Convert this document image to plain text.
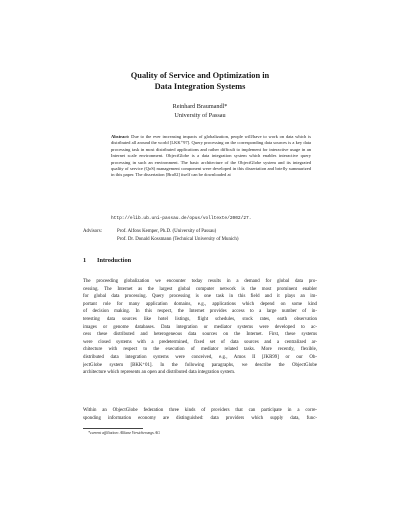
Quality of Service and Optimization in
Data Integration Systems
Reinhard Braumandl*
University of Passau
Abstract: Due to the ever increasing impacts of globalization, people will/have to work on data which is distributed all around the world [LKK⁺97]. Query processing on the corresponding data sources is a key data processing task in most distributed applications and rather difficult to implement for interactive usage in an Internet scale environment. ObjectGlobe is a data integration system which enables interactive query processing in such an environment. The basic architecture of the ObjectGlobe system and its integrated quality of service (QoS) management component were developed in this dissertation and briefly summarized in this paper. The dissertation [Bra02] itself can be downloaded at
http://elib.ub.uni-passau.de/opus/volltexte/2002/27.
Advisors:	Prof. Alfons Kemper, Ph.D. (University of Passau)
Prof. Dr. Donald Kossmann (Technical University of Munich)
1 Introduction
The proceeding globalization we encounter today results in a demand for global data pro-
cessing. The Internet as the largest global computer network is the most prominent enabler
for global data processing. Query processing is one task in this field and it plays an im-
portant role for many application domains, e.g., applications which depend on some kind
of decision making. In this respect, the Internet provides access to a large number of in-
teresting data sources like hotel listings, flight schedules, stock rates, earth observation
images or genome databases. Data integration or mediator systems were developed to ac-
cess these distributed and heterogeneous data sources on the Internet. First, these systems
were closed systems with a predetermined, fixed set of data sources and a centralized ar-
chitecture with respect to the execution of mediator related tasks. More recently, flexible,
distributed data integration systems were conceived, e.g., Amos II [JKR99] or our Ob-
jectGlobe system [BKK⁺01]. In the following paragraphs, we describe the ObjectGlobe
architecture which represents an open and distributed data integration system.
Within an ObjectGlobe federation three kinds of providers that can participate in a corre-
sponding information economy are distinguished: data providers which supply data, func-
*current affiliation: Allianz Versicherungs AG
